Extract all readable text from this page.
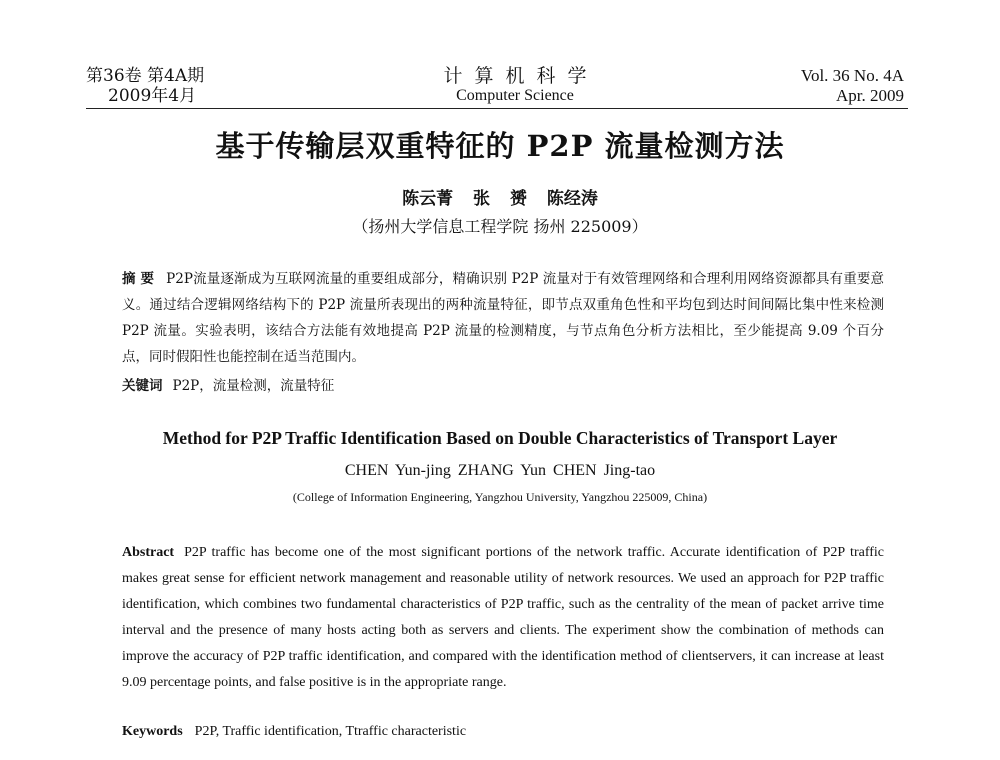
第36卷 第4A期
2009年4月
计算机科学
Computer Science
Vol. 36 No. 4A
Apr. 2009
基于传输层双重特征的 P2P 流量检测方法
陈云菁 张 赟 陈经涛
（扬州大学信息工程学院 扬州 225009）
摘 要 P2P流量逐渐成为互联网流量的重要组成部分，精确识别 P2P 流量对于有效管理网络和合理利用网络资源都具有重要意义。通过结合逻辑网络结构下的 P2P 流量所表现出的两种流量特征，即节点双重角色性和平均包到达时间间隔比集中性来检测 P2P 流量。实验表明，该结合方法能有效地提高 P2P 流量的检测精度，与节点角色分析方法相比，至少能提高 9.09 个百分点，同时假阳性也能控制在适当范围内。
关键词 P2P，流量检测，流量特征
Method for P2P Traffic Identification Based on Double Characteristics of Transport Layer
CHEN Yun-jing ZHANG Yun CHEN Jing-tao
(College of Information Engineering, Yangzhou University, Yangzhou 225009, China)
Abstract P2P traffic has become one of the most significant portions of the network traffic. Accurate identification of P2P traffic makes great sense for efficient network management and reasonable utility of network resources. We used an approach for P2P traffic identification, which combines two fundamental characteristics of P2P traffic, such as the centrality of the mean of packet arrive time interval and the presence of many hosts acting both as servers and clients. The experiment show the combination of methods can improve the accuracy of P2P traffic identification, and compared with the identification method of clientservers, it can increase at least 9.09 percentage points, and false positive is in the appropriate range.
Keywords P2P, Traffic identification, Ttraffic characteristic
